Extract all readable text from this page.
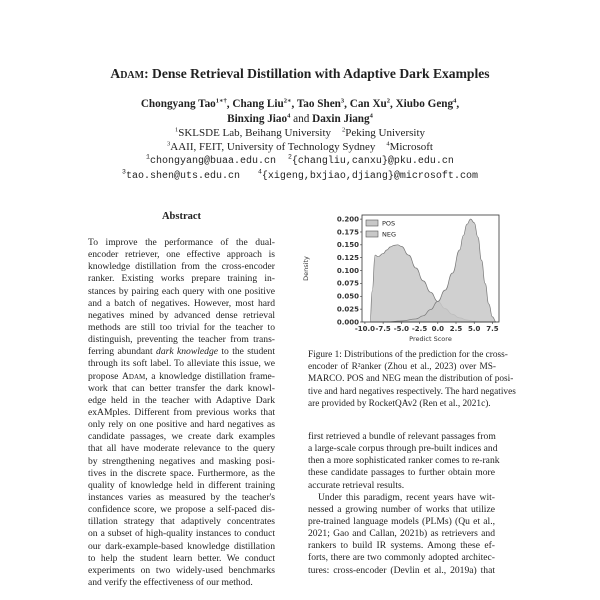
Adam: Dense Retrieval Distillation with Adaptive Dark Examples
Chongyang Tao$^{1∗\dagger}$, Chang Liu$^{2∗}$, Tao Shen$^3$, Can Xu$^2$, Xiubo Geng$^4$,
Binxing Jiao$^4$ and Daxin Jiang$^4$
$^1$SKLSDE Lab, Beihang University $^2$Peking University
$^3$AAII, FEIT, University of Technology Sydney $^4$Microsoft
$^1$chongyang@buaa.edu.cn $^2${changliu,canxu}@pku.edu.cn
$^3$tao.shen@uts.edu.cn	$^4${xigeng,bxjiao,djiang}@microsoft.com
Abstract
To improve the performance of the dual-
encoder retriever, one effective approach is
knowledge distillation from the cross-encoder
ranker. Existing works prepare training in-
stances by pairing each query with one positive
and a batch of negatives. However, most hard
negatives mined by advanced dense retrieval
methods are still too trivial for the teacher to
distinguish, preventing the teacher from trans-
ferring abundant dark knowledge to the student
through its soft label. To alleviate this issue, we
propose Adam, a knowledge distillation frame-
work that can better transfer the dark knowl-
edge held in the teacher with Adaptive Dark
exAMples. Different from previous works that
only rely on one positive and hard negatives as
candidate passages, we create dark examples
that all have moderate relevance to the query
by strengthening negatives and masking posi-
tives in the discrete space. Furthermore, as the
quality of knowledge held in different training
instances varies as measured by the teacher's
confidence score, we propose a self-paced dis-
tillation strategy that adaptively concentrates
on a subset of high-quality instances to conduct
our dark-example-based knowledge distillation
to help the student learn better. We conduct
experiments on two widely-used benchmarks
and verify the effectiveness of our method.
0.000
0.025
0.050
0.075
0.100
0.125
0.150
0.175
0.200
-10.0 -7.5 -5.0 -2.5 0.0 2.5 5.0 7.5
Predict Score
Density
POS
NEG
Figure 1: Distributions of the prediction for the cross-
encoder of R²anker (Zhou et al., 2023) over MS-
MARCO. POS and NEG mean the distribution of posi-
tive and hard negatives respectively. The hard negatives
are provided by RocketQAv2 (Ren et al., 2021c).
first retrieved a bundle of relevant passages from
a large-scale corpus through pre-built indices and
then a more sophisticated ranker comes to re-rank
these candidate passages to further obtain more
accurate retrieval results.
Under this paradigm, recent years have wit-
nessed a growing number of works that utilize
pre-trained language models (PLMs) (Qu et al.,
2021; Gao and Callan, 2021b) as retrievers and
rankers to build IR systems. Among these ef-
forts, there are two commonly adopted architec-
tures: cross-encoder (Devlin et al., 2019a) that
